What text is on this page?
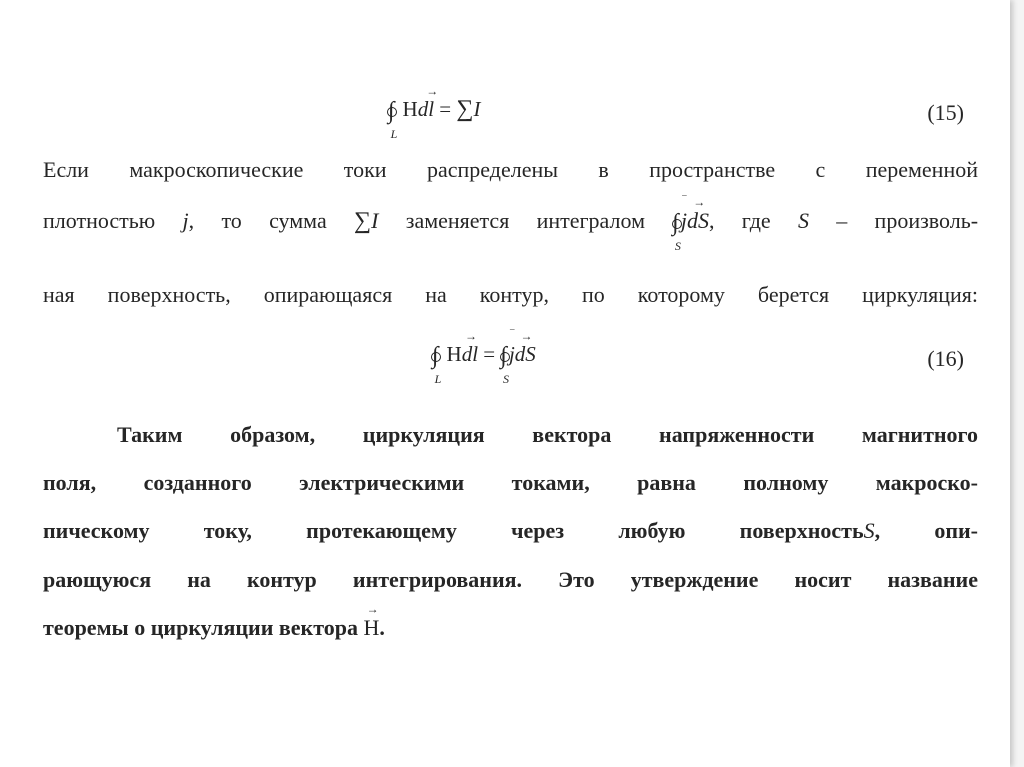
∫
$_L$ Hd→ l = ∑I	(15)
Если макроскопические токи распределены в пространстве с переменной
плотностью j, то сумма ∑I заменяется интегралом ∫
$_S$‾ j→ dS, где S – произволь-
ная поверхность, опирающаяся на контур, по которому берется циркуляция:
∫
$_L$ H→ dl = ∫
$_S$‾ j→ dS	(16)
Таким образом, циркуляция вектора напряженности магнитного
поля, созданного электрическими токами, равна полному макроско-
пическому току, протекающему через любую поверхностьS, опи-
рающуюся на контур интегрирования. Это утверждение носит название
теоремы о циркуляции вектора → H.
